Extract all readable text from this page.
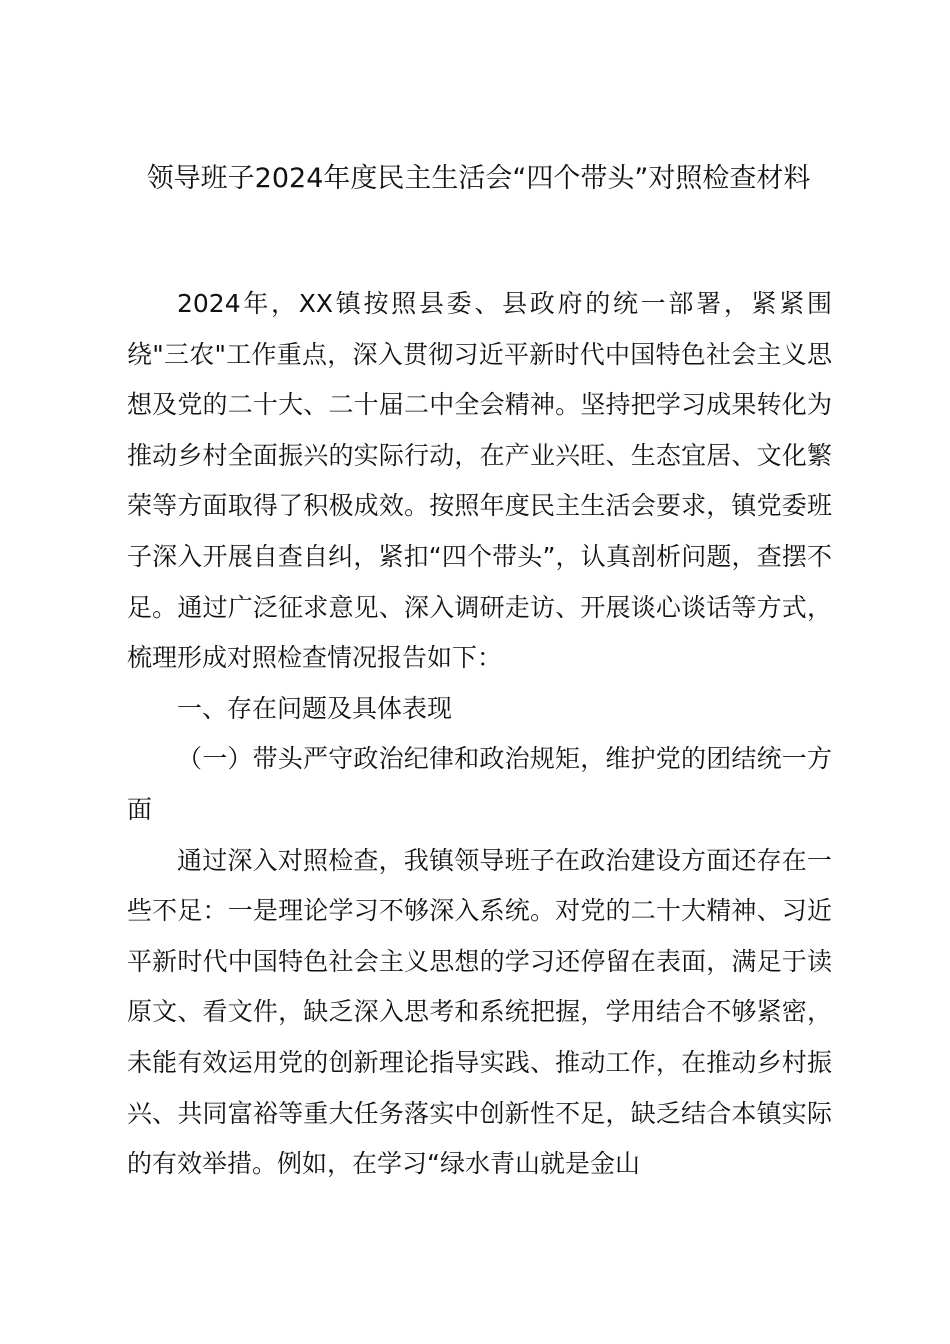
领导班子2024年度民主生活会“四个带头”对照检查材料

2024年，XX镇按照县委、县政府的统一部署，紧紧围绕"三农"工作重点，深入贯彻习近平新时代中国特色社会主义思想及党的二十大、二十届二中全会精神。坚持把学习成果转化为推动乡村全面振兴的实际行动，在产业兴旺、生态宜居、文化繁荣等方面取得了积极成效。按照年度民主生活会要求，镇党委班子深入开展自查自纠，紧扣“四个带头”，认真剖析问题，查摆不足。通过广泛征求意见、深入调研走访、开展谈心谈话等方式，梳理形成对照检查情况报告如下：

一、存在问题及具体表现

（一）带头严守政治纪律和政治规矩，维护党的团结统一方面

通过深入对照检查，我镇领导班子在政治建设方面还存在一些不足：一是理论学习不够深入系统。对党的二十大精神、习近平新时代中国特色社会主义思想的学习还停留在表面，满足于读原文、看文件，缺乏深入思考和系统把握，学用结合不够紧密，未能有效运用党的创新理论指导实践、推动工作，在推动乡村振兴、共同富裕等重大任务落实中创新性不足，缺乏结合本镇实际的有效举措。例如，在学习“绿水青山就是金山
